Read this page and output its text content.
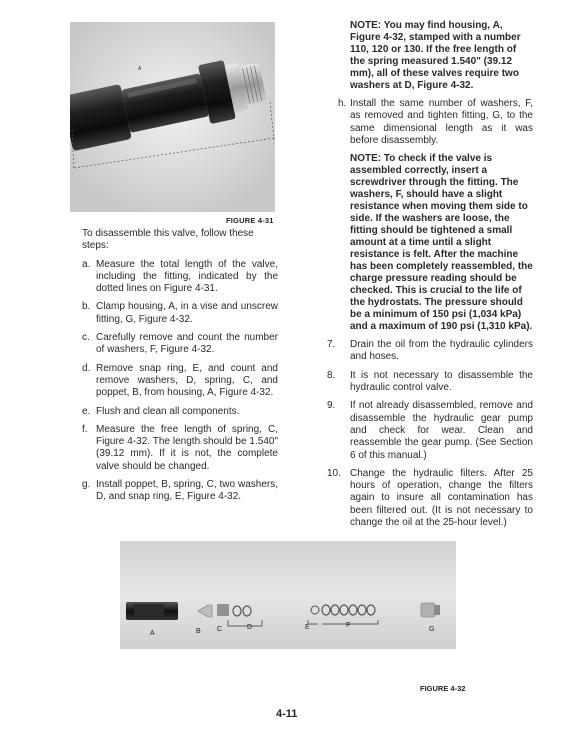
A
FIGURE 4-31

To disassemble this valve, follow these steps:

a. Measure the total length of the valve, including the fitting, indicated by the dotted lines on Figure 4-31.
b. Clamp housing, A, in a vise and unscrew fitting, G, Figure 4-32.
c. Carefully remove and count the number of washers, F, Figure 4-32.
d. Remove snap ring, E, and count and remove washers, D, spring, C, and poppet, B, from housing, A, Figure 4-32.
e. Flush and clean all components.
f. Measure the free length of spring, C, Figure 4-32. The length should be 1.540" (39.12 mm). If it is not, the complete valve should be changed.
g. Install poppet, B, spring, C, two washers, D, and snap ring, E, Figure 4-32.

NOTE: You may find housing, A, Figure 4-32, stamped with a number 110, 120 or 130. If the free length of the spring measured 1.540" (39.12 mm), all of these valves require two washers at D, Figure 4-32.

h. Install the same number of washers, F, as removed and tighten fitting, G, to the same dimensional length as it was before disassembly.

NOTE: To check if the valve is assembled correctly, insert a screwdriver through the fitting. The washers, F, should have a slight resistance when moving them side to side. If the washers are loose, the fitting should be tightened a small amount at a time until a slight resistance is felt. After the machine has been completely reassembled, the charge pressure reading should be checked. This is crucial to the life of the hydrostats. The pressure should be a minimum of 150 psi (1,034 kPa) and a maximum of 190 psi (1,310 kPa).

7. Drain the oil from the hydraulic cylinders and hoses.
8. It is not necessary to disassemble the hydraulic control valve.
9. If not already disassembled, remove and disassemble the hydraulic gear pump and check for wear. Clean and reassemble the gear pump. (See Section 6 of this manual.)
10. Change the hydraulic filters. After 25 hours of operation, change the filters again to insure all contamination has been filtered out. (It is not necessary to change the oil at the 25-hour level.)
A	B C	D	E	F
G
FIGURE 4-32
4-11
